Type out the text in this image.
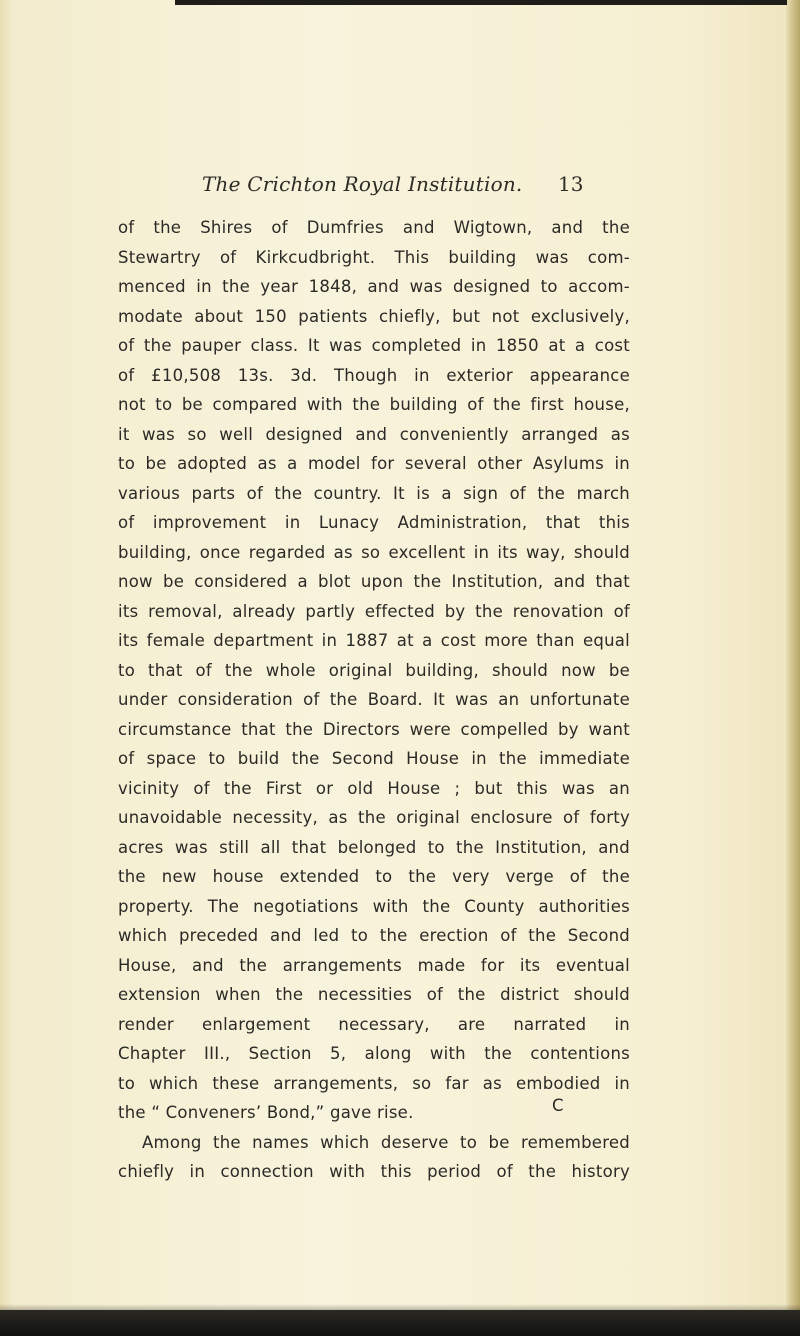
The Crichton Royal Institution. 13
of the Shires of Dumfries and Wigtown, and the
Stewartry of Kirkcudbright. This building was com-
menced in the year 1848, and was designed to accom-
modate about 150 patients chiefly, but not exclusively,
of the pauper class. It was completed in 1850 at a cost
of £10,508 13s. 3d. Though in exterior appearance
not to be compared with the building of the first house,
it was so well designed and conveniently arranged as
to be adopted as a model for several other Asylums in
various parts of the country. It is a sign of the march
of improvement in Lunacy Administration, that this
building, once regarded as so excellent in its way, should
now be considered a blot upon the Institution, and that
its removal, already partly effected by the renovation of
its female department in 1887 at a cost more than equal
to that of the whole original building, should now be
under consideration of the Board. It was an unfortunate
circumstance that the Directors were compelled by want
of space to build the Second House in the immediate
vicinity of the First or old House ; but this was an
unavoidable necessity, as the original enclosure of forty
acres was still all that belonged to the Institution, and
the new house extended to the very verge of the
property. The negotiations with the County authorities
which preceded and led to the erection of the Second
House, and the arrangements made for its eventual
extension when the necessities of the district should
render enlargement necessary, are narrated in
Chapter III., Section 5, along with the contentions
to which these arrangements, so far as embodied in
the “ Conveners’ Bond,” gave rise.
Among the names which deserve to be remembered
chiefly in connection with this period of the history
C
